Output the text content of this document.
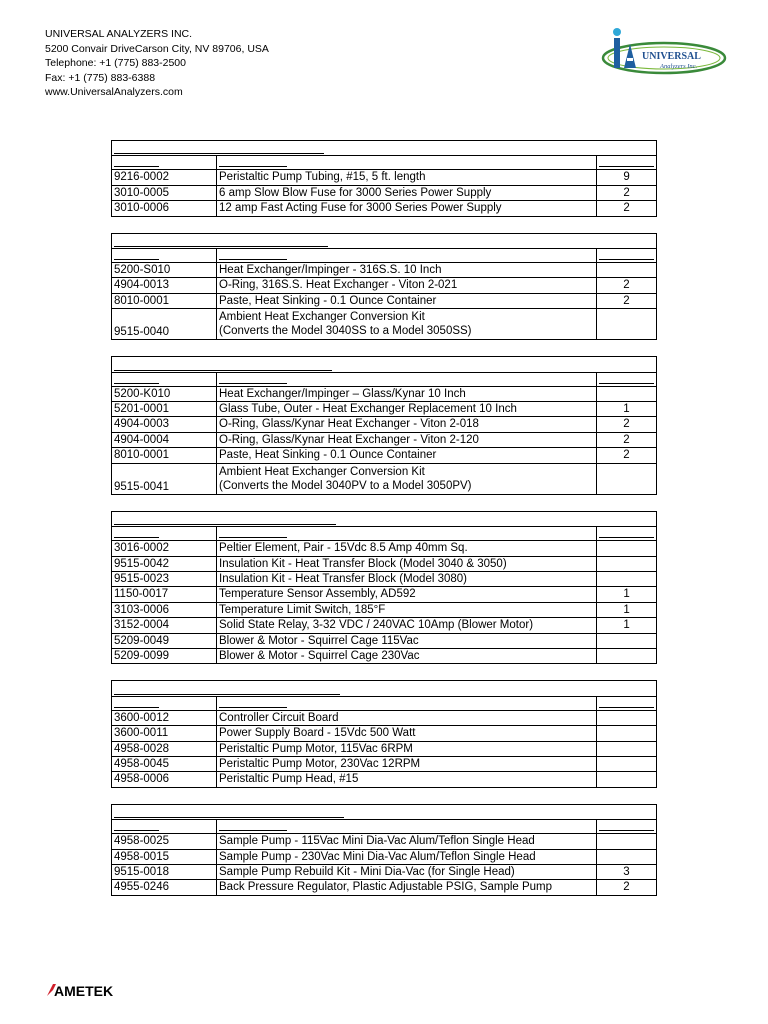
UNIVERSAL ANALYZERS INC.
5200 Convair DriveCarson City, NV 89706, USA
Telephone: +1 (775) 883-2500
Fax: +1 (775) 883-6388
www.UniversalAnalyzers.com
UNIVERSAL
Analyzers Inc.

9216-0002	Peristaltic Pump Tubing, #15, 5 ft. length	9
3010-0005	6 amp Slow Blow Fuse for 3000 Series Power Supply	2
3010-0006	12 amp Fast Acting Fuse for 3000 Series Power Supply	2

5200-S010	Heat Exchanger/Impinger - 316S.S. 10 Inch	

4904-0013	O-Ring, 316S.S. Heat Exchanger - Viton 2-021	2
8010-0001	Paste, Heat Sinking - 0.1 Ounce Container	2
9515-0040	Ambient Heat Exchanger Conversion Kit
(Converts the Model 3040SS to a Model 3050SS)	

5200-K010	Heat Exchanger/Impinger – Glass/Kynar 10 Inch	

5201-0001	Glass Tube, Outer - Heat Exchanger Replacement 10 Inch	1
4904-0003	O-Ring, Glass/Kynar Heat Exchanger - Viton 2-018	2
4904-0004	O-Ring, Glass/Kynar Heat Exchanger - Viton 2-120	2
8010-0001	Paste, Heat Sinking - 0.1 Ounce Container	2
9515-0041	Ambient Heat Exchanger Conversion Kit
(Converts the Model 3040PV to a Model 3050PV)	

3016-0002	Peltier Element, Pair - 15Vdc 8.5 Amp 40mm Sq.	

9515-0042	Insulation Kit - Heat Transfer Block (Model 3040 & 3050)	

9515-0023	Insulation Kit - Heat Transfer Block (Model 3080)	

1150-0017	Temperature Sensor Assembly, AD592	1
3103-0006	Temperature Limit Switch, 185°F	1
3152-0004	Solid State Relay, 3-32 VDC / 240VAC 10Amp (Blower Motor)	1
5209-0049	Blower & Motor - Squirrel Cage 115Vac	

5209-0099	Blower & Motor - Squirrel Cage 230Vac	

3600-0012	Controller Circuit Board	

3600-0011	Power Supply Board - 15Vdc 500 Watt	

4958-0028	Peristaltic Pump Motor, 115Vac 6RPM	

4958-0045	Peristaltic Pump Motor, 230Vac 12RPM	

4958-0006	Peristaltic Pump Head, #15	

4958-0025	Sample Pump - 115Vac Mini Dia-Vac Alum/Teflon Single Head	

4958-0015	Sample Pump - 230Vac Mini Dia-Vac Alum/Teflon Single Head	

9515-0018	Sample Pump Rebuild Kit - Mini Dia-Vac (for Single Head)	3
4955-0246	Back Pressure Regulator, Plastic Adjustable PSIG, Sample Pump	2
AMETEK
